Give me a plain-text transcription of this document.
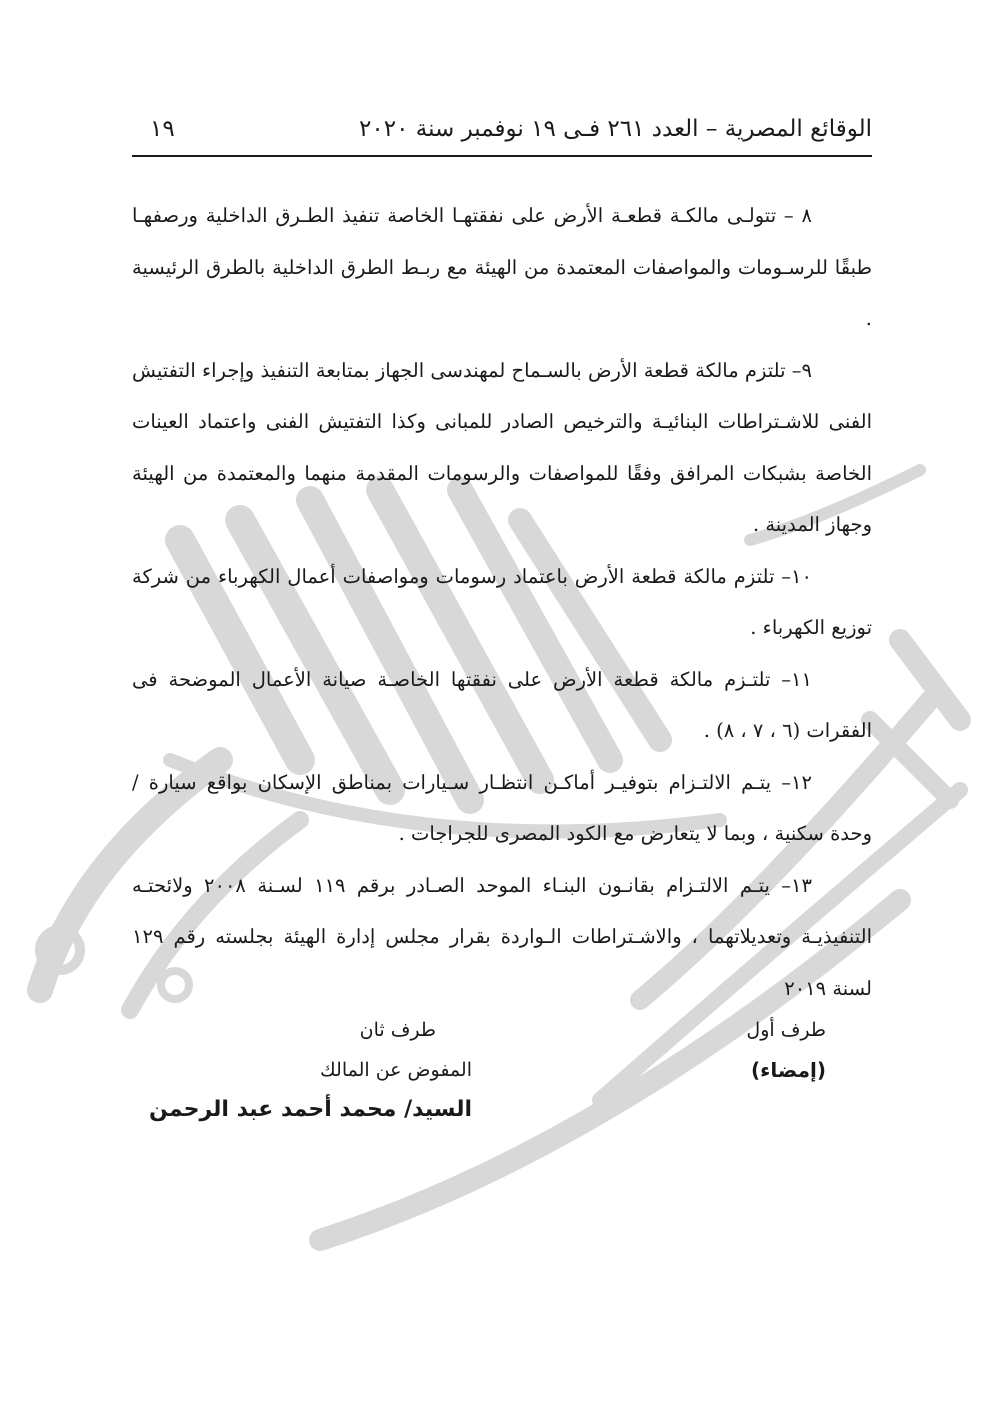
الوقائع المصرية – العدد ٢٦١ فـى ١٩ نوفمبر سنة ٢٠٢٠
١٩

٨ – تتولـى مالكـة قطعـة الأرض على نفقتهـا الخاصة تنفيذ الطـرق الداخلية ورصفهـا طبقًا للرسـومات والمواصفات المعتمدة من الهيئة مع ربـط الطرق الداخلية بالطرق الرئيسية .

٩– تلتزم مالكة قطعة الأرض بالسـماح لمهندسى الجهاز بمتابعة التنفيذ وإجراء التفتيش الفنى للاشـتراطات البنائيـة والترخيص الصادر للمبانى وكذا التفتيش الفنى واعتماد العينات الخاصة بشبكات المرافق وفقًا للمواصفات والرسومات المقدمة منهما والمعتمدة من الهيئة وجهاز المدينة .

١٠– تلتزم مالكة قطعة الأرض باعتماد رسومات ومواصفات أعمال الكهرباء من شركة توزيع الكهرباء .

١١– تلتـزم مالكة قطعة الأرض على نفقتها الخاصـة صيانة الأعمال الموضحة فى الفقرات (٦ ، ٧ ، ٨) .

١٢– يتـم الالتـزام بتوفيـر أماكـن انتظـار سـيارات بمناطق الإسكان بواقع سيارة / وحدة سكنية ، وبما لا يتعارض مع الكود المصرى للجراجات .

١٣– يتـم الالتـزام بقانـون البنـاء الموحد الصـادر برقم ١١٩ لسـنة ٢٠٠٨ ولائحتـه التنفيذيـة وتعديلاتهما ، والاشـتراطات الـواردة بقرار مجلس إدارة الهيئة بجلسته رقم ١٢٩ لسنة ٢٠١٩

طرف أول
(إمضاء)
طرف ثان
المفوض عن المالك
السيد/ محمد أحمد عبد الرحمن
